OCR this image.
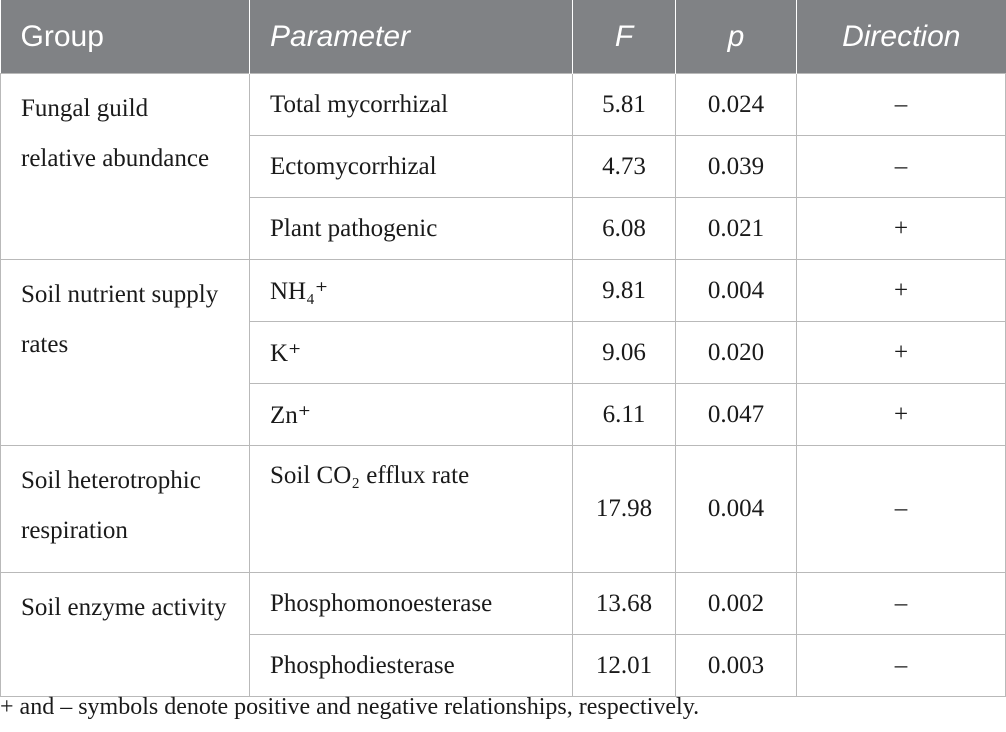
Group	Parameter	F	p	Direction
Fungal guild relative abundance	Total mycorrhizal	5.81	0.024	–
	Ectomycorrhizal	4.73	0.039	–
	Plant pathogenic	6.08	0.021	+
Soil nutrient supply rates	NH₄⁺	9.81	0.004	+
	K⁺	9.06	0.020	+
	Zn⁺	6.11	0.047	+
Soil heterotrophic respiration	Soil CO₂ efflux rate	17.98	0.004	–
Soil enzyme activity	Phosphomonoesterase	13.68	0.002	–
	Phosphodiesterase	12.01	0.003	–
+ and – symbols denote positive and negative relationships, respectively.
